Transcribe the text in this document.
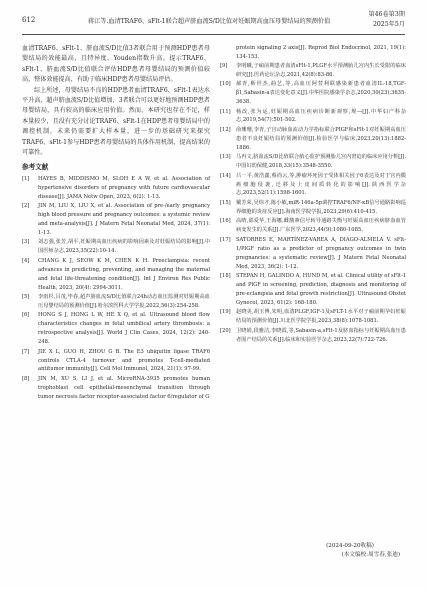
612	蒋江等.血清TRAF6、sFlt-1联合超声脐血流S/D比值对妊娠期高血压母婴结局的预测价值
第46卷第3期
2025年5月

血清TRAF6、sFlt-1、脐血流S/D比值3者联合用于预测HDP患者母婴结局的效能最高，且特异度、Youden指数升高。提示TRAF6、sFlt-1、脐血流S/D比值联合评估HDP患者母婴结局的预测价值较高，整体效能提高，有助于临床HDP患者母婴结局评估。

综上所述，母婴结局不良的HDP患者血清TRAF6、sFlt-1表达水平升高，超声脐血流S/D比值增加，3者联合可以更好地预测HDP患者母婴结局，具有较高的临床应用价值。然而，本研究也存在不足，样本量较少，且没有充分讨论TRAF6、sFlt-1在HDP患者母婴结局中的调控机制，未来仍需要扩大样本量，进一步的基础研究来探究TRAF6、sFlt-1参与HDP患者母婴结局的具体作用机制，提高结果的可靠性。

参考文献
[1]	HAYES B, MIDDISMO M, SLOH E A W, et al. Association of hypertensive disorders of pregnancy with future cardiovascular disease[J]. JAMA Netw Open, 2023, 6(2): 1-13.
[2]	JIN M, LIU X, LIU X, et al. Association of pre-/early pregnancy high blood pressure and pregnancy outcomes: a systemic review and meta-analysis[J]. J Matern Fetal Neonatal Med, 2024, 37(1): 1-13.
[3]	刘志强,张芳,胡平,妊娠期高血压疾病的影响因素及对妊娠结局的影响[J].中国医师杂志,2023,35(22):10-14.
[4]	CHANG K J, SEOW K M, CHEN K H. Preeclampsia: recent advances in predicting, preventing, and managing the maternal and fetal life-threatening condition[J]. Int J Environ Res Public Health, 2023, 20(4): 2994-3011.
[5]	李雨杉,吕茂,毕春,超声脐血流S/D比值联合24h动态血压监测对妊娠期高血压母婴结局的预测价值[J].哈尔滨医科大学学报,2022,56(3):254-258.
[6]	HONG S J, HONG L W, HE X Q, et al. Ultrasound blood flow characteristics changes in fetal umbilical artery thrombosis: a retrospective analysis[J]. World J Clin Cases, 2024, 12(2): 240-248.
[7]	JIE X L, GUO H, ZHOU G B. The E3 ubiquitin ligase TRAF6 controls CTLA-4 turnover and promotes T-cell-mediated antitumor immunity[J]. Cell Mol Immunol, 2024, 21(1): 97-99.
[8]	JIN M, XU S, LI J, et al. MicroRNA-3935 promotes human trophoblast cell epithelial-mesenchymal transition through tumor necrosis factor receptor-associated factor 6/regulator of G
protein signaling 2 axis[J]. Reprod Biol Endocrinol, 2021, 19(1): 134-153.
[9]	李明曦,子痫前期患者血清sFlt-1,PLGF水平预测胎儿宫内生长受限的临床研究[J].医药论坛杂志,2021,42(8):83-86.
[10]	郝青,靳世杰,曲艺,等,高血压阿替利联感染新患者血清IL-18,TGF-β1,Sabasin-a表达变化意义[J].中华医院感染学杂志,2020,30(23):3635-3638.
[11]	杨改,张为运,妊娠期高血压疾病诊断新观察,规—[J].中华妇产科杂志,2019,54(7):501-502.
[12]	俞珊珊,李青,子宫动脉血流动力学指标联合PIGF和sFlt-1对妊娠期高血压患者不良妊娠结局的预测价值[J].检验医学与临床,2023,20(13):1882-1886.
[13]	马冉文,脐血流S/D比值联合胎心监护预测胎儿宫内窘迫的临床应用分析[J].中国妇幼保健,2018,33(15):3548-3550.
[14]	吕一平,黄浩鑫,蔡尚云,等,肿瘤坏死因子受体相关因子6表达及对于宫内膜癌细胞侵袭,迁移及上皮间质转化的影响[J].陕西医学杂志,2023,52(11):1598-1601.
[15]	戴芳荣,吴炜才,陈小敏,miR-146a-5p调控TRAF6/NF-κB信号通路影响巡界细胞的炎症反应[J].海南医学院学报,2023,29(6):410-415.
[16]	高晴,邵爱华,王海娜,雌激素信号转导通路失衡与妊娠高血压疾病脐血血管病变发生的关系[J].广东医学,2023,44(9):1080-1085.
[17]	SATORRES E, MARTÍNEZ-VAREA A, DIAGO-ALMELA V. sFlt-1/PlGF ratio as a predictor of pregnancy outcomes in twin pregnancies: a systematic review[J]. J Matern Fetal Neonatal Med, 2023, 36(2): 1-12.
[18]	STEPAN H, GALINDO A, HUND M, et al. Clinical utility of sFlt-1 and PlGF in screening, prediction, diagnosis and monitoring of pre-eclampsia and fetal growth restriction[J]. Ultrasound Obstet Gynecol, 2023, 61(2): 168-180.
[19]	赵晓美,胡玉博,朱明,血清PLGF,IGF-1及sFLT-1水平对子痫前期孕妇妊娠结局的预测价值[J].川北医学院学报,2023,38(8):1078-1081.
[20]	卫晓娟,段雅洁,李晓霞,等,Sabasin-a,sFlt-1及脐血指标与妊娠期高血压患者围产结局的关系[J].临床和实验医学杂志,2023,22(7):722-726.
(2024-09-20收稿)
(本文编校:周雪春,张迪)
